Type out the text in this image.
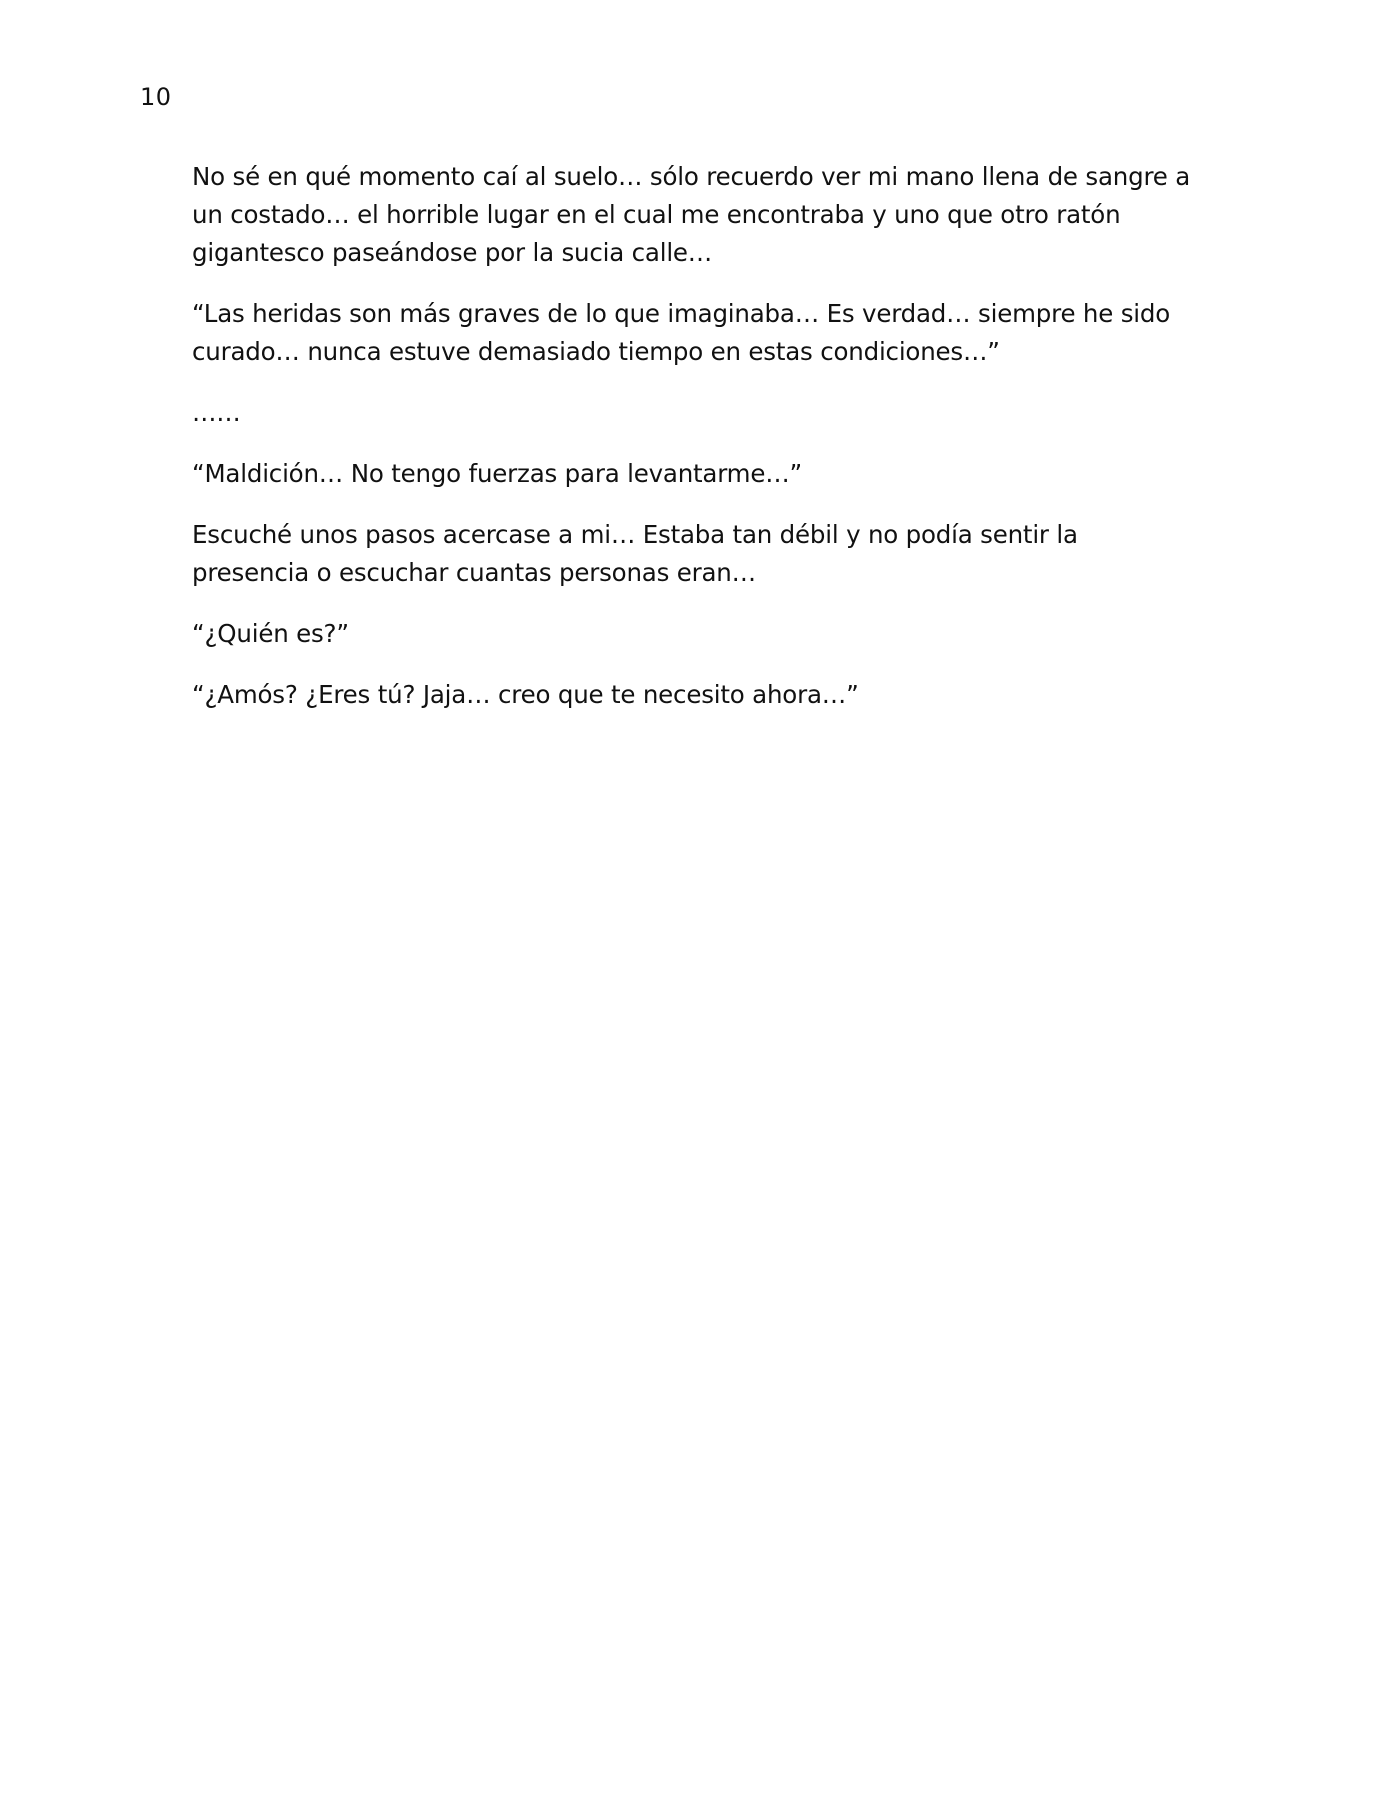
10

No sé en qué momento caí al suelo… sólo recuerdo ver mi mano llena de sangre a un costado… el horrible lugar en el cual me encontraba y uno que otro ratón gigantesco paseándose por la sucia calle…

“Las heridas son más graves de lo que imaginaba… Es verdad… siempre he sido curado… nunca estuve demasiado tiempo en estas condiciones…”

……

“Maldición… No tengo fuerzas para levantarme…”

Escuché unos pasos acercase a mi… Estaba tan débil y no podía sentir la presencia o escuchar cuantas personas eran…

“¿Quién es?”

“¿Amós? ¿Eres tú? Jaja… creo que te necesito ahora…”
